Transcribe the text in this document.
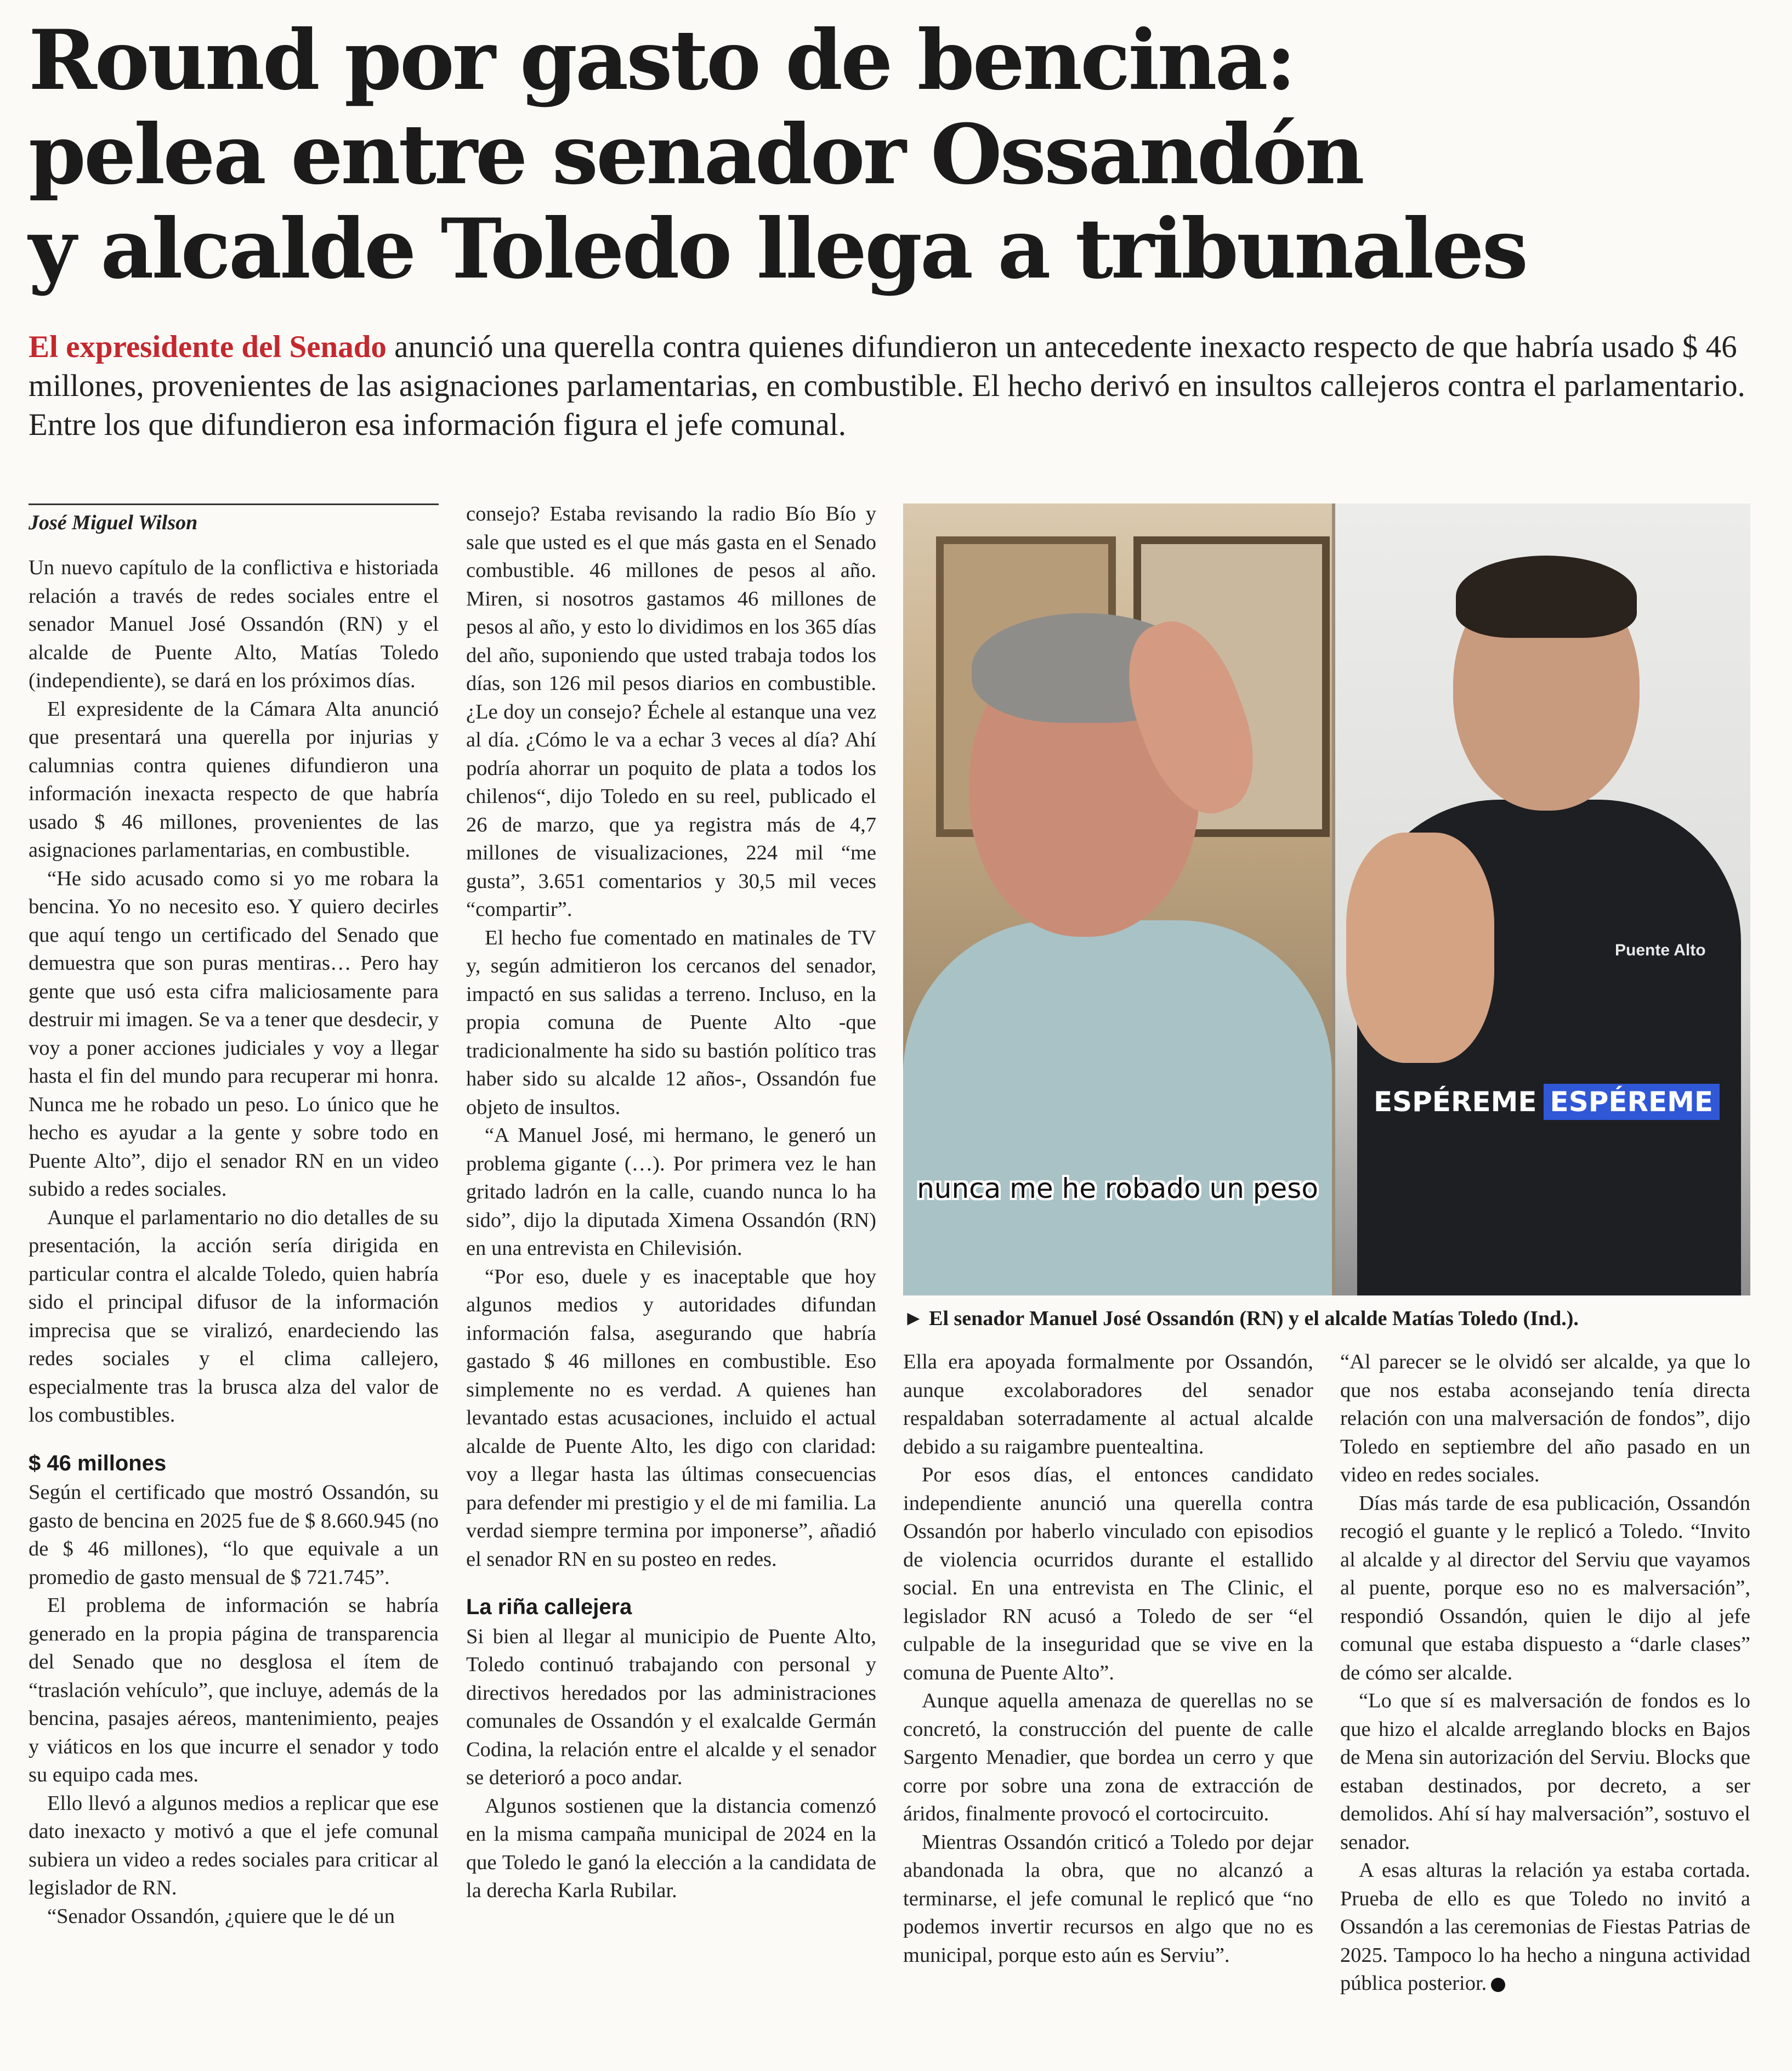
Round por gasto de bencina:
pelea entre senador Ossandón
y alcalde Toledo llega a tribunales

El expresidente del Senado anunció una querella contra quienes difundieron un antecedente inexacto respecto de que habría usado $ 46 millones, provenientes de las asignaciones parlamentarias, en combustible. El hecho derivó en insultos callejeros contra el parlamentario. Entre los que difundieron esa información figura el jefe comunal.

José Miguel Wilson

Un nuevo capítulo de la conflictiva e historiada relación a través de redes sociales entre el senador Manuel José Ossandón (RN) y el alcalde de Puente Alto, Matías Toledo (independiente), se dará en los próximos días.

El expresidente de la Cámara Alta anunció que presentará una querella por injurias y calumnias contra quienes difundieron una información inexacta respecto de que habría usado $ 46 millones, provenientes de las asignaciones parlamentarias, en combustible.

“He sido acusado como si yo me robara la bencina. Yo no necesito eso. Y quiero decirles que aquí tengo un certificado del Senado que demuestra que son puras mentiras… Pero hay gente que usó esta cifra maliciosamente para destruir mi imagen. Se va a tener que desdecir, y voy a poner acciones judiciales y voy a llegar hasta el fin del mundo para recuperar mi honra. Nunca me he robado un peso. Lo único que he hecho es ayudar a la gente y sobre todo en Puente Alto”, dijo el senador RN en un video subido a redes sociales.

Aunque el parlamentario no dio detalles de su presentación, la acción sería dirigida en particular contra el alcalde Toledo, quien habría sido el principal difusor de la información imprecisa que se viralizó, enardeciendo las redes sociales y el clima callejero, especialmente tras la brusca alza del valor de los combustibles.

$ 46 millones

Según el certificado que mostró Ossandón, su gasto de bencina en 2025 fue de $ 8.660.945 (no de $ 46 millones), “lo que equivale a un promedio de gasto mensual de $ 721.745”.

El problema de información se habría generado en la propia página de transparencia del Senado que no desglosa el ítem de “traslación vehículo”, que incluye, además de la bencina, pasajes aéreos, mantenimiento, peajes y viáticos en los que incurre el senador y todo su equipo cada mes.

Ello llevó a algunos medios a replicar que ese dato inexacto y motivó a que el jefe comunal subiera un video a redes sociales para criticar al legislador de RN.

“Senador Ossandón, ¿quiere que le dé un

consejo? Estaba revisando la radio Bío Bío y sale que usted es el que más gasta en el Senado combustible. 46 millones de pesos al año. Miren, si nosotros gastamos 46 millones de pesos al año, y esto lo dividimos en los 365 días del año, suponiendo que usted trabaja todos los días, son 126 mil pesos diarios en combustible. ¿Le doy un consejo? Échele al estanque una vez al día. ¿Cómo le va a echar 3 veces al día? Ahí podría ahorrar un poquito de plata a todos los chilenos“, dijo Toledo en su reel, publicado el 26 de marzo, que ya registra más de 4,7 millones de visualizaciones, 224 mil “me gusta”, 3.651 comentarios y 30,5 mil veces “compartir”.

El hecho fue comentado en matinales de TV y, según admitieron los cercanos del senador, impactó en sus salidas a terreno. Incluso, en la propia comuna de Puente Alto -que tradicionalmente ha sido su bastión político tras haber sido su alcalde 12 años-, Ossandón fue objeto de insultos.

“A Manuel José, mi hermano, le generó un problema gigante (…). Por primera vez le han gritado ladrón en la calle, cuando nunca lo ha sido”, dijo la diputada Ximena Ossandón (RN) en una entrevista en Chilevisión.

“Por eso, duele y es inaceptable que hoy algunos medios y autoridades difundan información falsa, asegurando que habría gastado $ 46 millones en combustible. Eso simplemente no es verdad. A quienes han levantado estas acusaciones, incluido el actual alcalde de Puente Alto, les digo con claridad: voy a llegar hasta las últimas consecuencias para defender mi prestigio y el de mi familia. La verdad siempre termina por imponerse”, añadió el senador RN en su posteo en redes.

La riña callejera

Si bien al llegar al municipio de Puente Alto, Toledo continuó trabajando con personal y directivos heredados por las administraciones comunales de Ossandón y el exalcalde Germán Codina, la relación entre el alcalde y el senador se deterioró a poco andar.

Algunos sostienen que la distancia comenzó en la misma campaña municipal de 2024 en la que Toledo le ganó la elección a la candidata de la derecha Karla Rubilar.

nunca me he robado un peso
Puente Alto
ESPÉREME ESPÉREME
► El senador Manuel José Ossandón (RN) y el alcalde Matías Toledo (Ind.).

Ella era apoyada formalmente por Ossandón, aunque excolaboradores del senador respaldaban soterradamente al actual alcalde debido a su raigambre puentealtina.

Por esos días, el entonces candidato independiente anunció una querella contra Ossandón por haberlo vinculado con episodios de violencia ocurridos durante el estallido social. En una entrevista en The Clinic, el legislador RN acusó a Toledo de ser “el culpable de la inseguridad que se vive en la comuna de Puente Alto”.

Aunque aquella amenaza de querellas no se concretó, la construcción del puente de calle Sargento Menadier, que bordea un cerro y que corre por sobre una zona de extracción de áridos, finalmente provocó el cortocircuito.

Mientras Ossandón criticó a Toledo por dejar abandonada la obra, que no alcanzó a terminarse, el jefe comunal le replicó que “no podemos invertir recursos en algo que no es municipal, porque esto aún es Serviu”.

“Al parecer se le olvidó ser alcalde, ya que lo que nos estaba aconsejando tenía directa relación con una malversación de fondos”, dijo Toledo en septiembre del año pasado en un video en redes sociales.

Días más tarde de esa publicación, Ossandón recogió el guante y le replicó a Toledo. “Invito al alcalde y al director del Serviu que vayamos al puente, porque eso no es malversación”, respondió Ossandón, quien le dijo al jefe comunal que estaba dispuesto a “darle clases” de cómo ser alcalde.

“Lo que sí es malversación de fondos es lo que hizo el alcalde arreglando blocks en Bajos de Mena sin autorización del Serviu. Blocks que estaban destinados, por decreto, a ser demolidos. Ahí sí hay malversación”, sostuvo el senador.

A esas alturas la relación ya estaba cortada. Prueba de ello es que Toledo no invitó a Ossandón a las ceremonias de Fiestas Patrias de 2025. Tampoco lo ha hecho a ninguna actividad pública posterior.
